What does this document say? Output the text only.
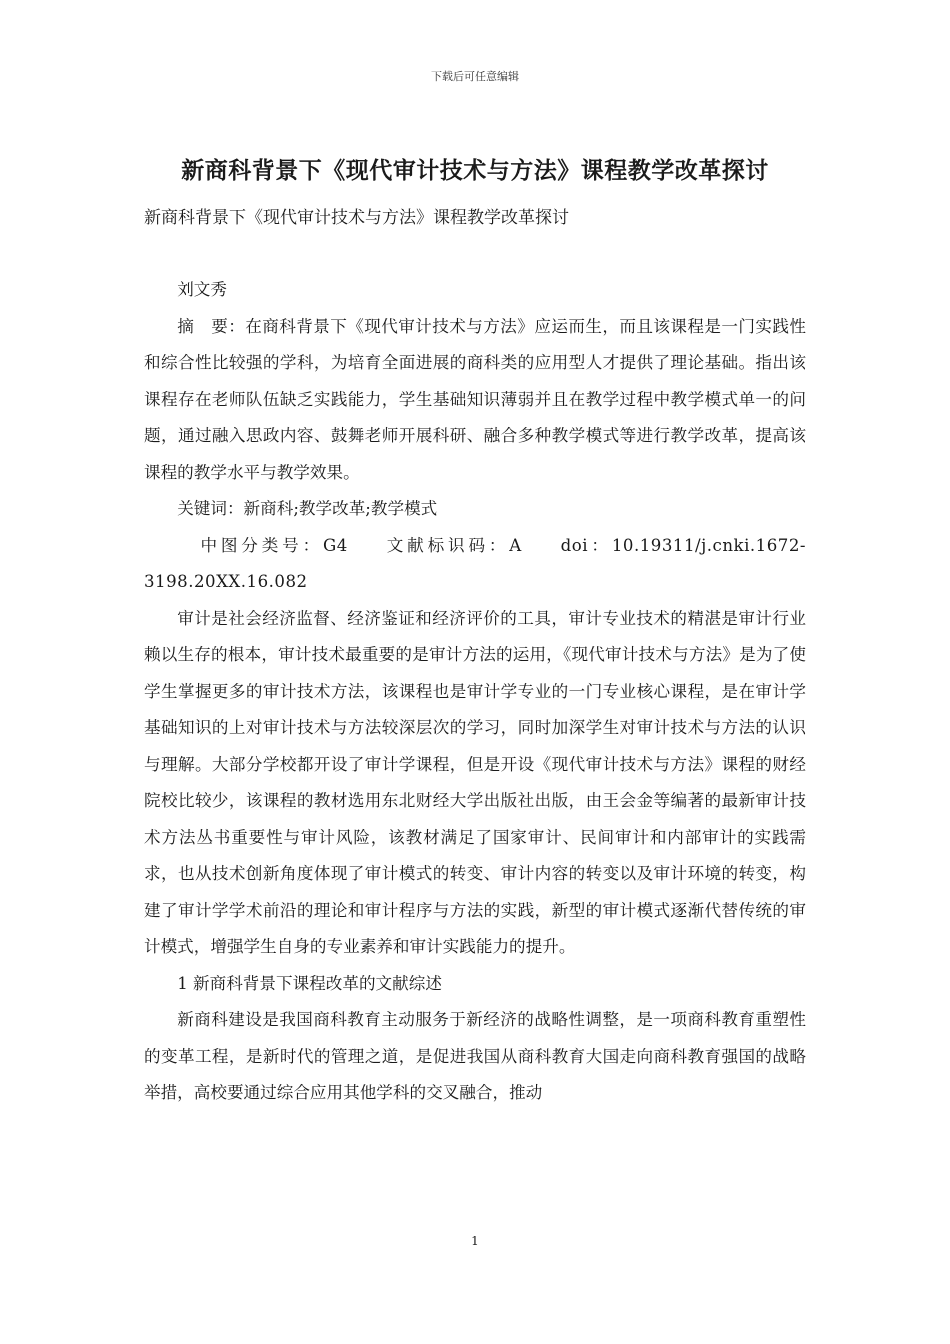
下载后可任意编辑
新商科背景下《现代审计技术与方法》课程教学改革探讨
新商科背景下《现代审计技术与方法》课程教学改革探讨

刘文秀

摘　要：在商科背景下《现代审计技术与方法》应运而生，而且该课程是一门实践性和综合性比较强的学科，为培育全面进展的商科类的应用型人才提供了理论基础。指出该课程存在老师队伍缺乏实践能力，学生基础知识薄弱并且在教学过程中教学模式单一的问题，通过融入思政内容、鼓舞老师开展科研、融合多种教学模式等进行教学改革，提高该课程的教学水平与教学效果。

关键词：新商科;教学改革;教学模式

中图分类号：G4　 文献标识码：A　 doi：10.19311/j.cnki.1672-3198.20XX.16.082

审计是社会经济监督、经济鉴证和经济评价的工具，审计专业技术的精湛是审计行业赖以生存的根本，审计技术最重要的是审计方法的运用，《现代审计技术与方法》是为了使学生掌握更多的审计技术方法，该课程也是审计学专业的一门专业核心课程，是在审计学基础知识的上对审计技术与方法较深层次的学习，同时加深学生对审计技术与方法的认识与理解。大部分学校都开设了审计学课程，但是开设《现代审计技术与方法》课程的财经院校比较少，该课程的教材选用东北财经大学出版社出版，由王会金等编著的最新审计技术方法丛书重要性与审计风险，该教材满足了国家审计、民间审计和内部审计的实践需求，也从技术创新角度体现了审计模式的转变、审计内容的转变以及审计环境的转变，构建了审计学学术前沿的理论和审计程序与方法的实践，新型的审计模式逐渐代替传统的审计模式，增强学生自身的专业素养和审计实践能力的提升。

1 新商科背景下课程改革的文献综述

新商科建设是我国商科教育主动服务于新经济的战略性调整，是一项商科教育重塑性的变革工程，是新时代的管理之道，是促进我国从商科教育大国走向商科教育强国的战略举措，高校要通过综合应用其他学科的交叉融合，推动

1
